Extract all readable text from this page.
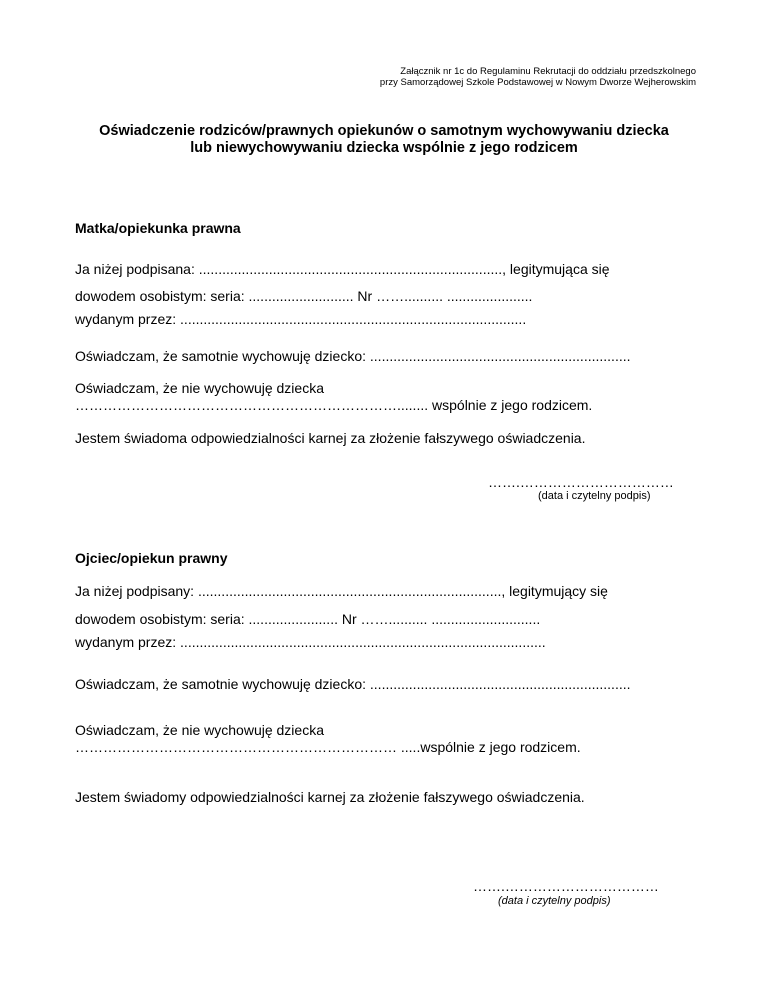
Załącznik nr 1c do Regulaminu Rekrutacji do oddziału przedszkolnego
przy Samorządowej Szkole Podstawowej w Nowym Dworze Wejherowskim
Oświadczenie rodziców/prawnych opiekunów o samotnym wychowywaniu dziecka
lub niewychowywaniu dziecka wspólnie z jego rodzicem
Matka/opiekunka prawna
Ja niżej podpisana: .............................................................................., legitymująca się
dowodem osobistym: seria: ........................... Nr …….......... ......................
wydanym przez: .........................................................................................
Oświadczam, że samotnie wychowuję dziecko: ...................................................................
Oświadczam, że nie wychowuję dziecka
……………………………………………………………........ wspólnie z jego rodzicem.
Jestem świadoma odpowiedzialności karnej za złożenie fałszywego oświadczenia.
…….……………………………
(data i czytelny podpis)
Ojciec/opiekun prawny
Ja niżej podpisany: .............................................................................., legitymujący się
dowodem osobistym: seria: ....................... Nr …….......... ............................
wydanym przez: ..............................................................................................
Oświadczam, że samotnie wychowuję dziecko: ...................................................................
Oświadczam, że nie wychowuję dziecka
…………………………………………………………… .....wspólnie z jego rodzicem.
Jestem świadomy odpowiedzialności karnej za złożenie fałszywego oświadczenia.
…….……………………………
(data i czytelny podpis)
